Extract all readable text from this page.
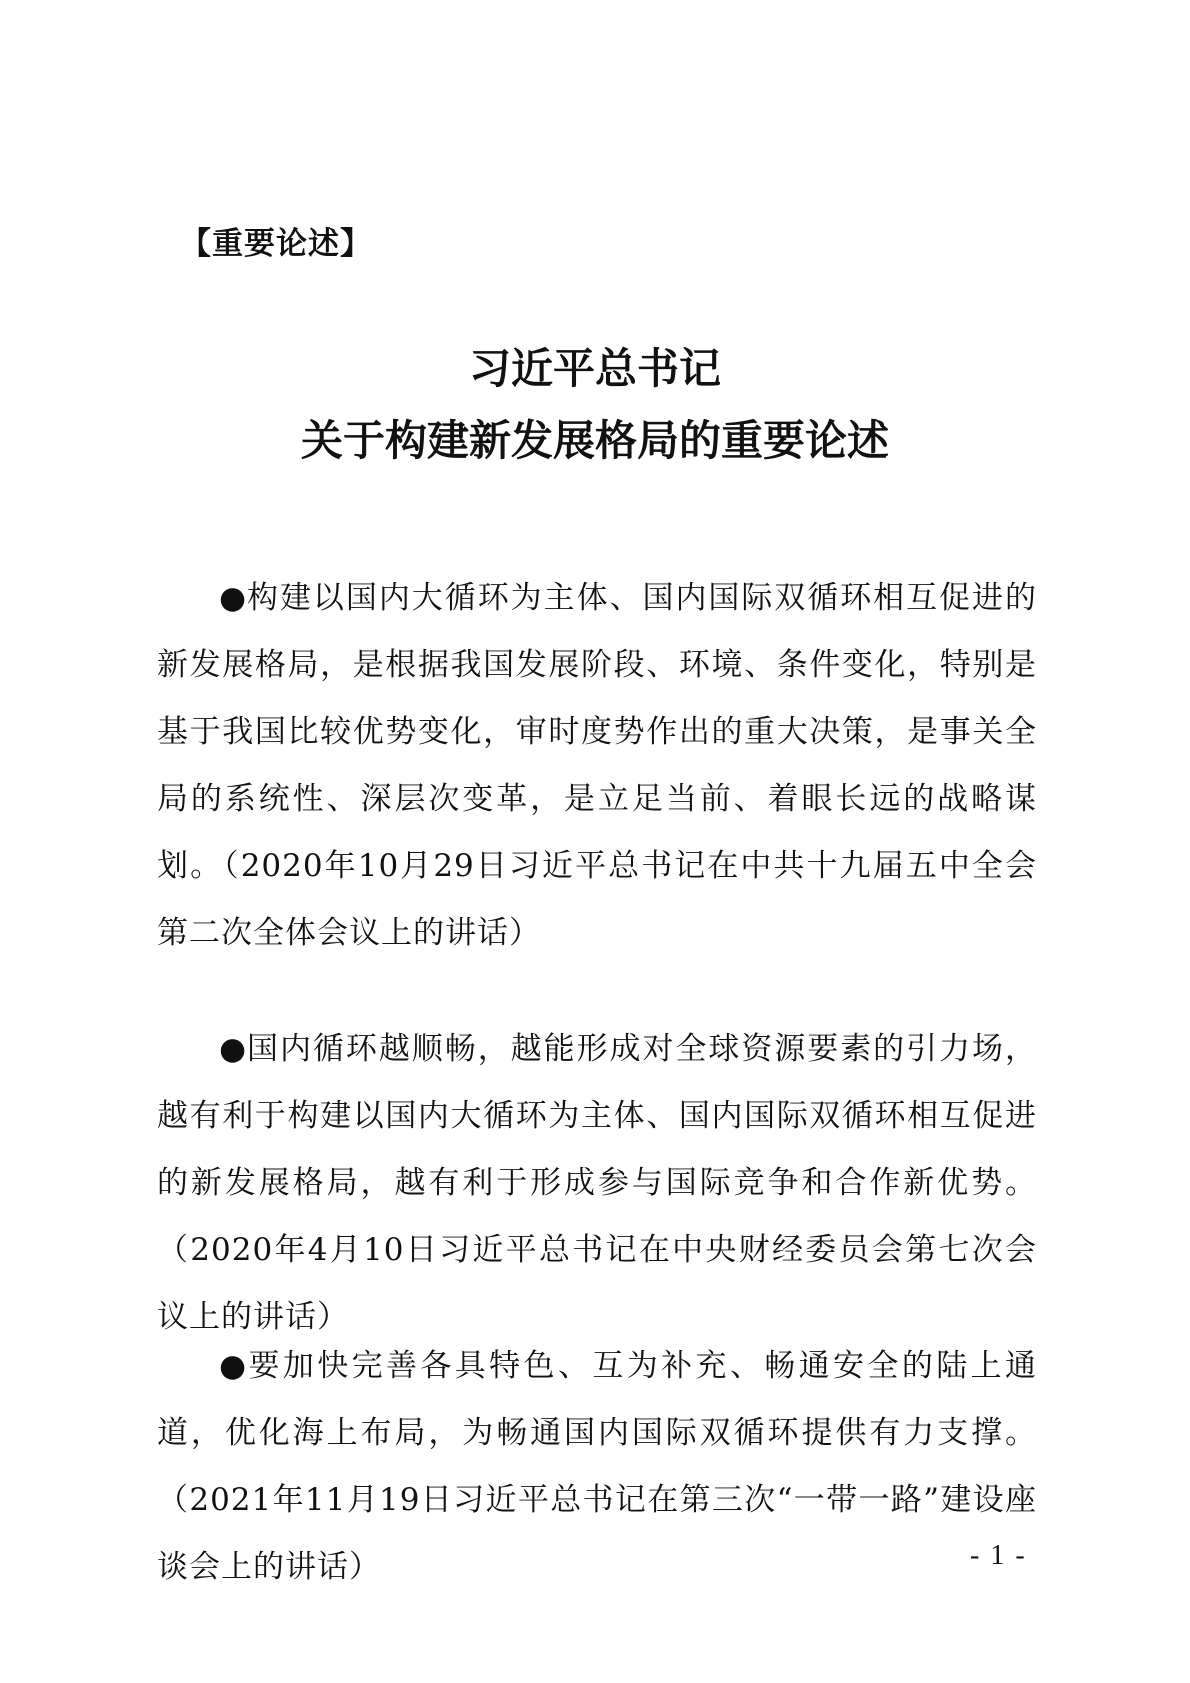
【重要论述】
习近平总书记
关于构建新发展格局的重要论述

●构建以国内大循环为主体、国内国际双循环相互促进的新发展格局，是根据我国发展阶段、环境、条件变化，特别是基于我国比较优势变化，审时度势作出的重大决策，是事关全局的系统性、深层次变革，是立足当前、着眼长远的战略谋划。（2020年10月29日习近平总书记在中共十九届五中全会第二次全体会议上的讲话）

●国内循环越顺畅，越能形成对全球资源要素的引力场，越有利于构建以国内大循环为主体、国内国际双循环相互促进的新发展格局，越有利于形成参与国际竞争和合作新优势。（2020年4月10日习近平总书记在中央财经委员会第七次会议上的讲话）

●要加快完善各具特色、互为补充、畅通安全的陆上通道，优化海上布局，为畅通国内国际双循环提供有力支撑。（2021年11月19日习近平总书记在第三次“一带一路”建设座谈会上的讲话）	- 1 -
